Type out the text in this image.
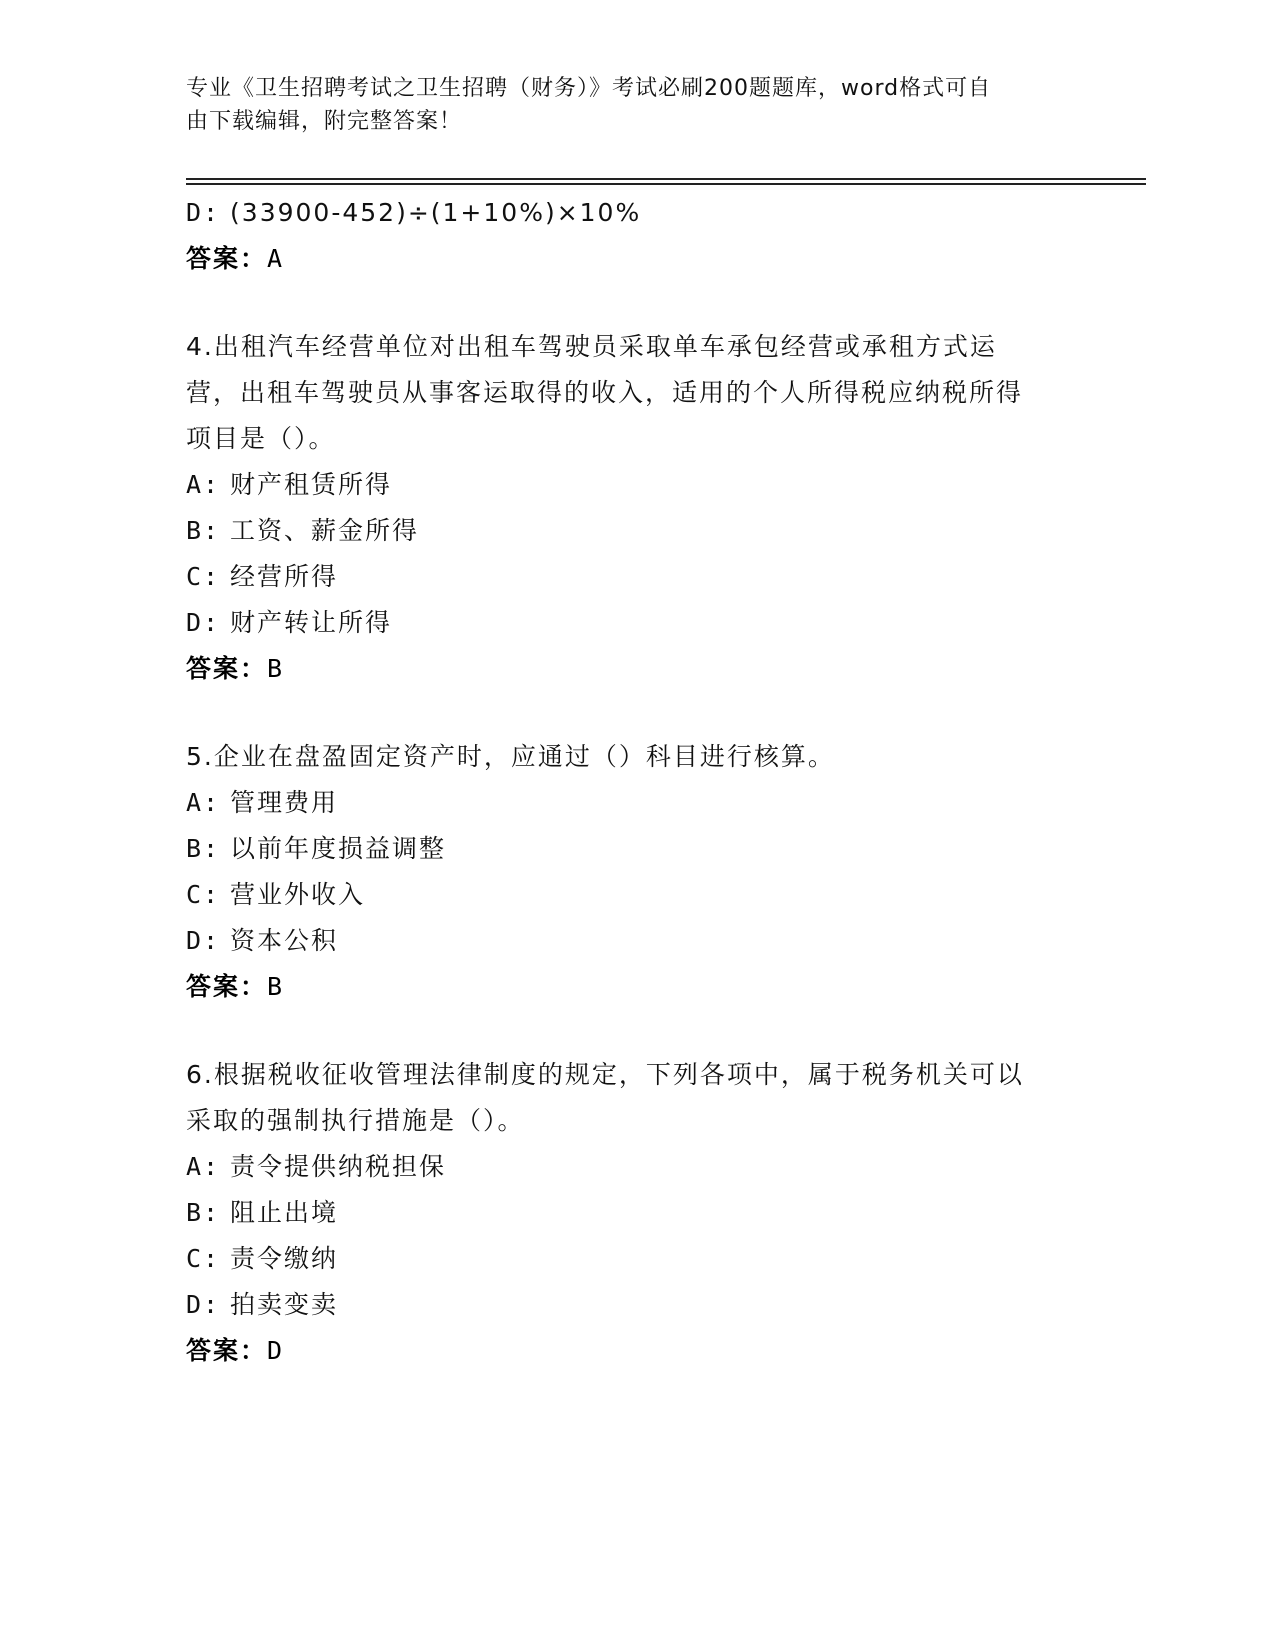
专业《卫生招聘考试之卫生招聘（财务）》考试必刷200题题库，word格式可自
由下载编辑，附完整答案！
D: (33900-452)÷(1+10%)×10%
答案：A
4.出租汽车经营单位对出租车驾驶员采取单车承包经营或承租方式运营，出租车驾驶员从事客运取得的收入，适用的个人所得税应纳税所得项目是（）。
A: 财产租赁所得
B: 工资、薪金所得
C: 经营所得
D: 财产转让所得
答案：B
5.企业在盘盈固定资产时，应通过（）科目进行核算。
A: 管理费用
B: 以前年度损益调整
C: 营业外收入
D: 资本公积
答案：B
6.根据税收征收管理法律制度的规定，下列各项中，属于税务机关可以采取的强制执行措施是（）。
A: 责令提供纳税担保
B: 阻止出境
C: 责令缴纳
D: 拍卖变卖
答案：D
